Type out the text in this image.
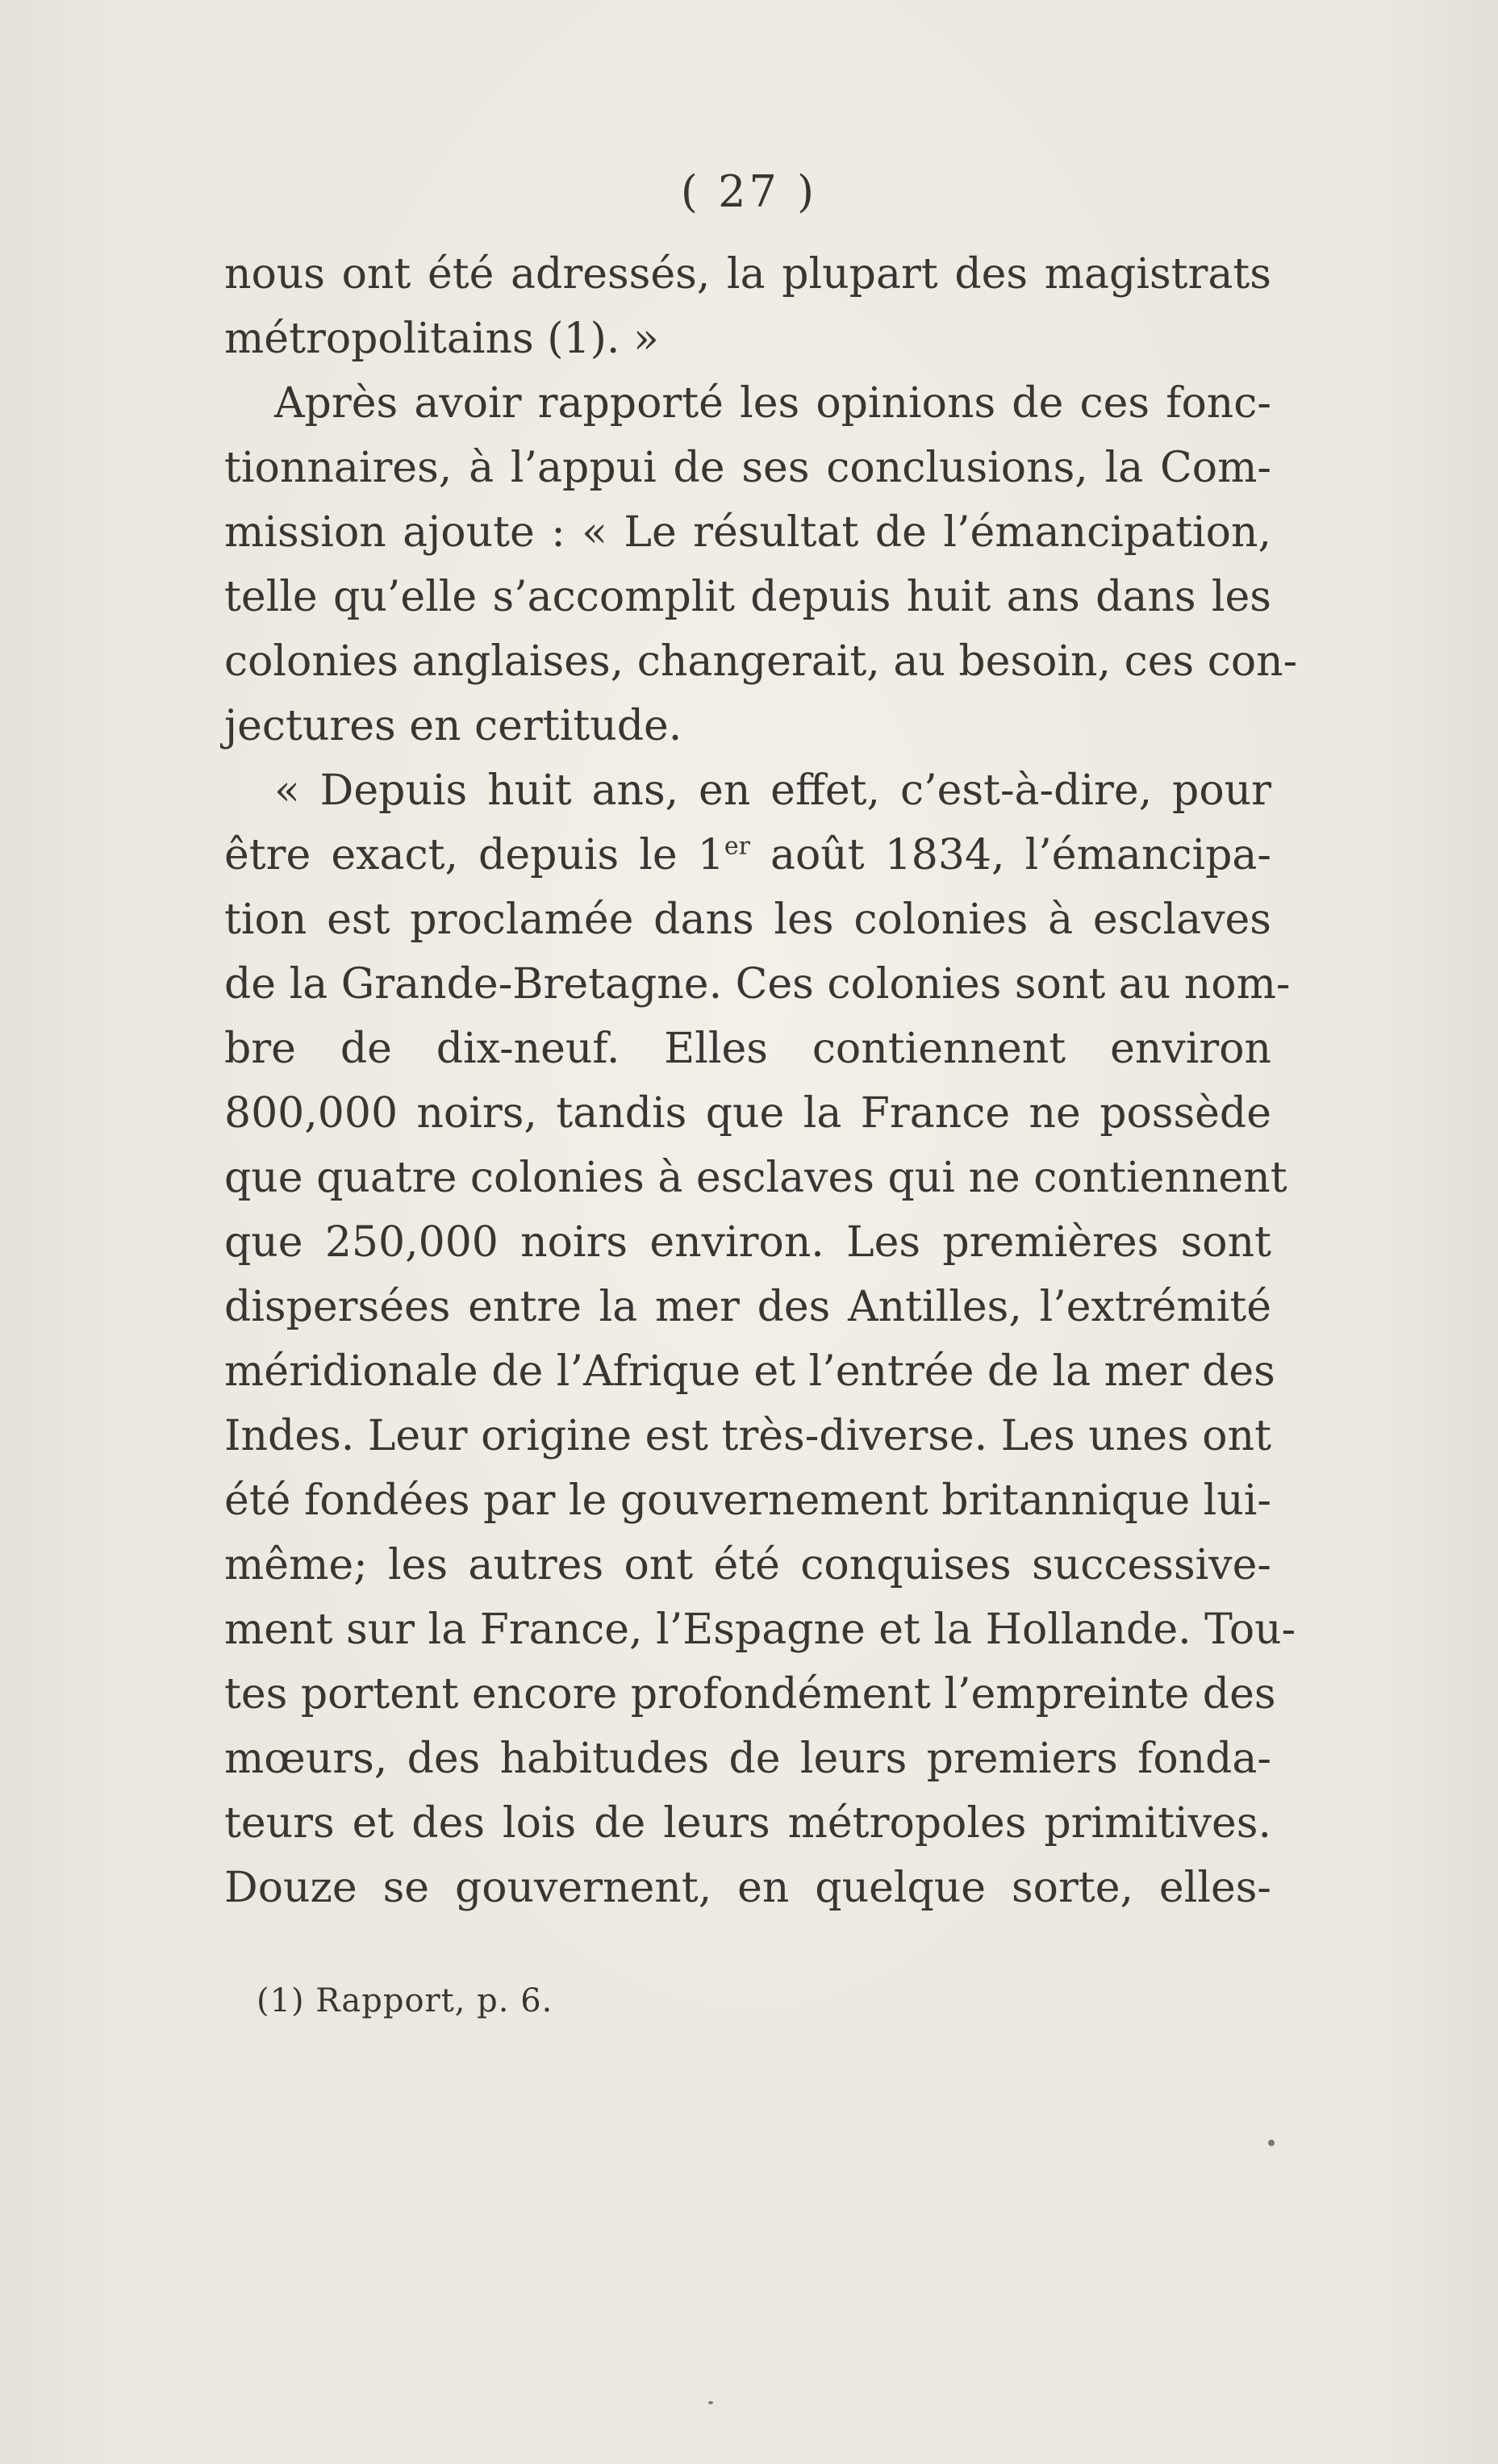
( 27 )
nous ont été adressés, la plupart des magistrats
métropolitains (1). »
Après avoir rapporté les opinions de ces fonc-
tionnaires, à l’appui de ses conclusions, la Com-
mission ajoute : « Le résultat de l’émancipation,
telle qu’elle s’accomplit depuis huit ans dans les
colonies anglaises, changerait, au besoin, ces con-
jectures en certitude.
« Depuis huit ans, en effet, c’est-à-dire, pour
être exact, depuis le 1er août 1834, l’émancipa-
tion est proclamée dans les colonies à esclaves
de la Grande-Bretagne. Ces colonies sont au nom-
bre de dix-neuf. Elles contiennent environ
800,000 noirs, tandis que la France ne possède
que quatre colonies à esclaves qui ne contiennent
que 250,000 noirs environ. Les premières sont
dispersées entre la mer des Antilles, l’extrémité
méridionale de l’Afrique et l’entrée de la mer des
Indes. Leur origine est très-diverse. Les unes ont
été fondées par le gouvernement britannique lui-
même; les autres ont été conquises successive-
ment sur la France, l’Espagne et la Hollande. Tou-
tes portent encore profondément l’empreinte des
mœurs, des habitudes de leurs premiers fonda-
teurs et des lois de leurs métropoles primitives.
Douze se gouvernent, en quelque sorte, elles-
(1) Rapport, p. 6.
